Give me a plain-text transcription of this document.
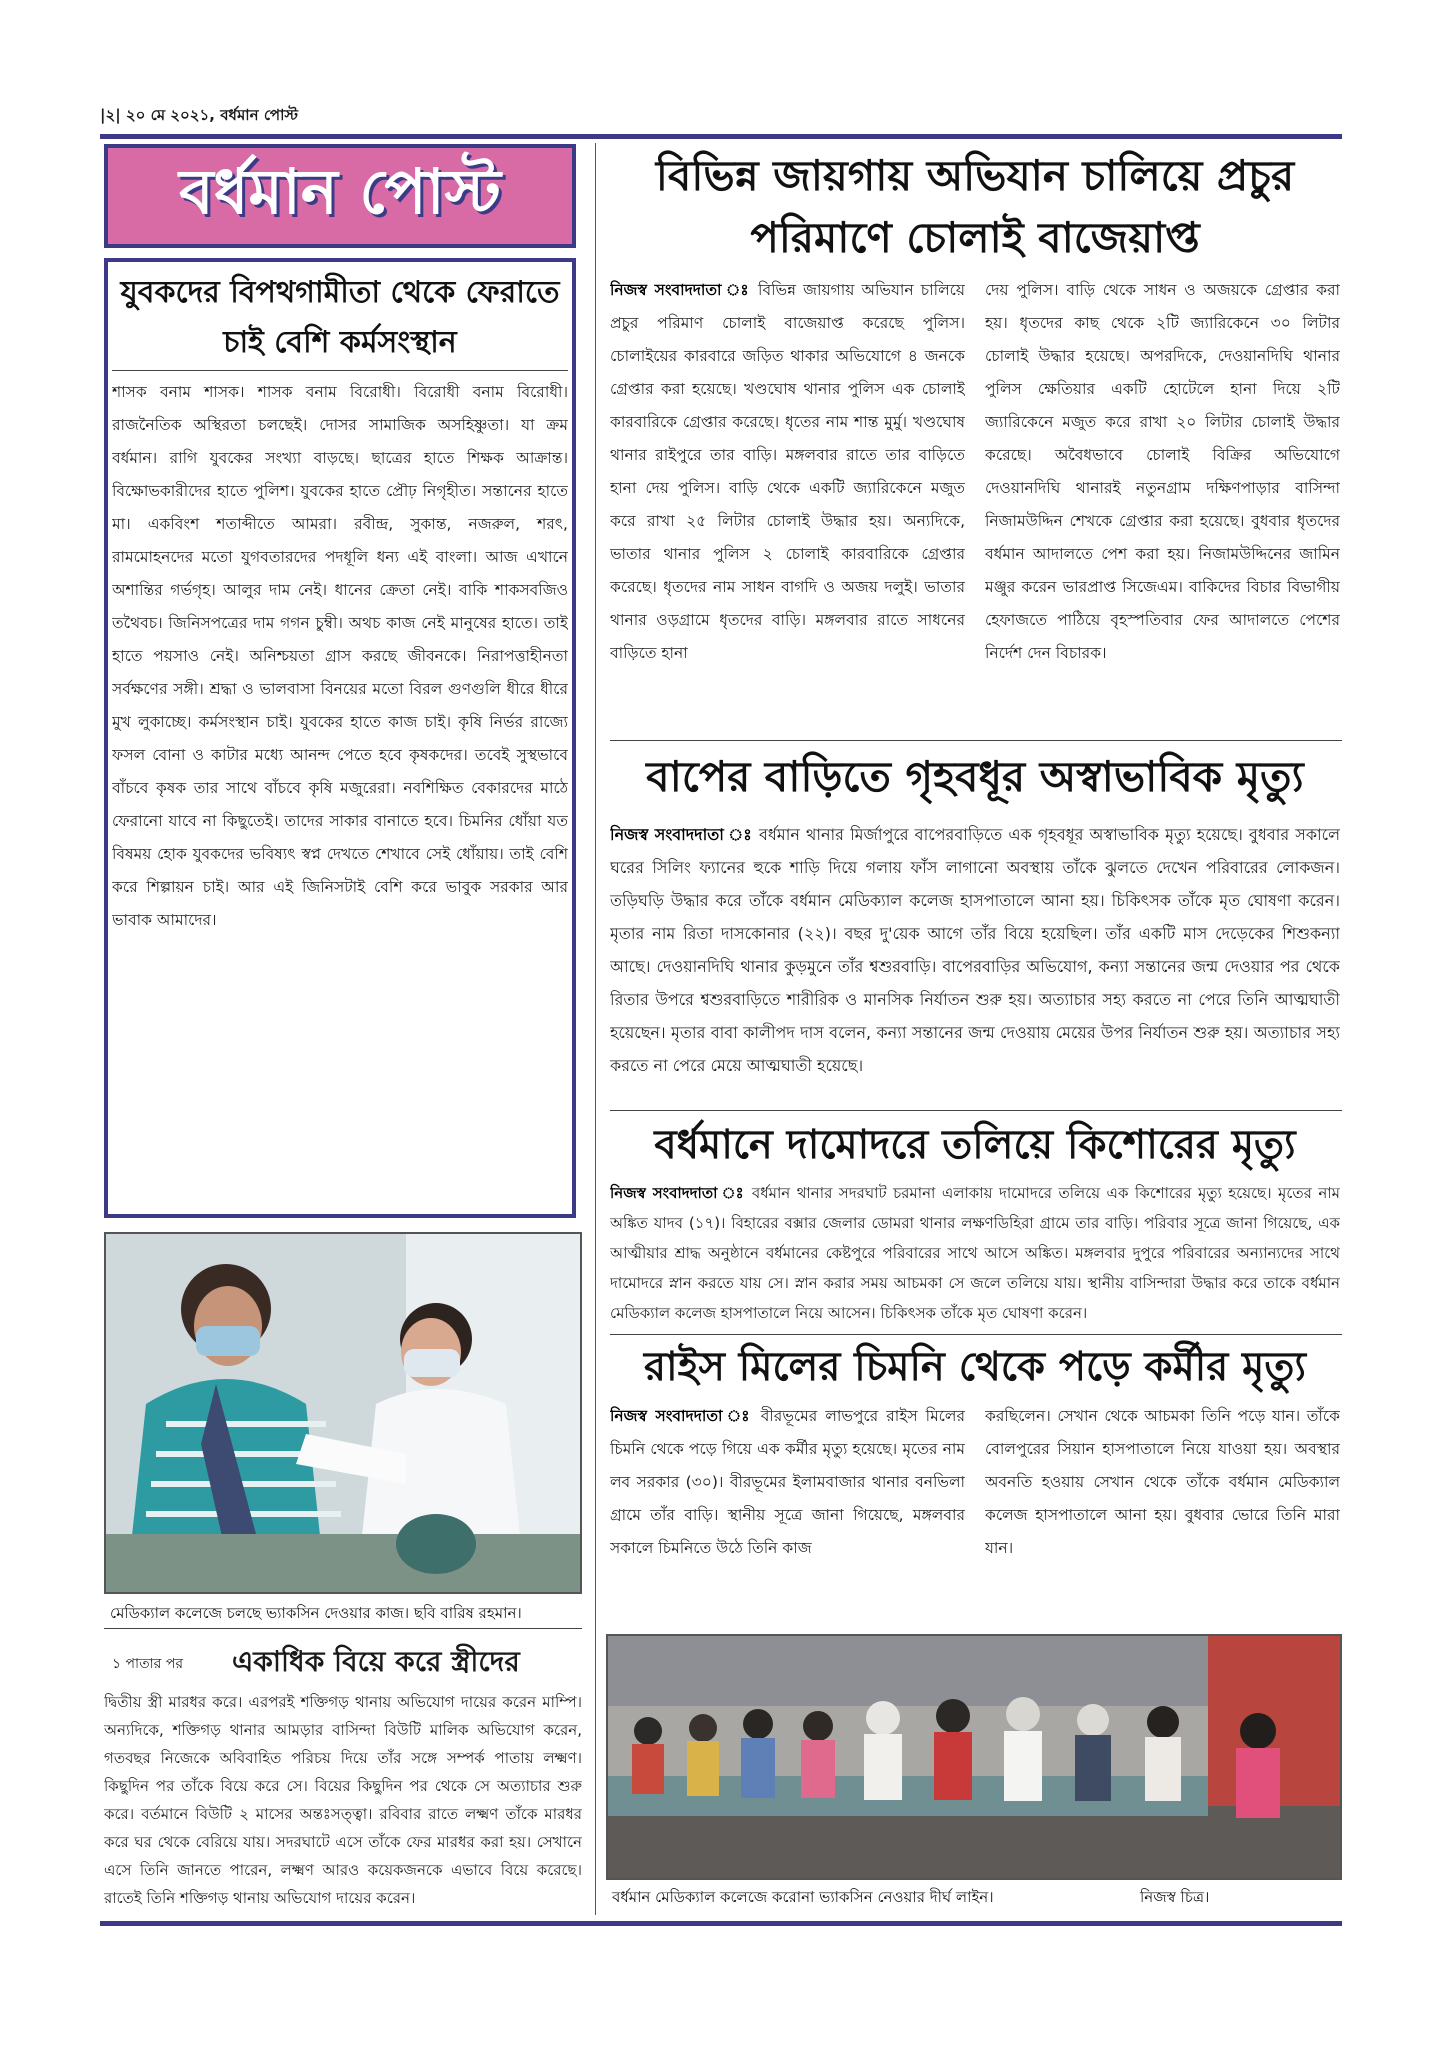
|২| ২০ মে ২০২১, বর্ধমান পোস্ট
বর্ধমান পোস্ট
যুবকদের বিপথগামীতা থেকে ফেরাতে চাই বেশি কর্মসংস্থান
শাসক বনাম শাসক। শাসক বনাম বিরোধী। বিরোধী বনাম বিরোধী। রাজনৈতিক অস্থিরতা চলছেই। দোসর সামাজিক অসহিষ্ণুতা। যা ক্রম বর্ধমান। রাগি যুবকের সংখ্যা বাড়ছে। ছাত্রের হাতে শিক্ষক আক্রান্ত। বিক্ষোভকারীদের হাতে পুলিশ। যুবকের হাতে প্রৌঢ় নিগৃহীত। সন্তানের হাতে মা। একবিংশ শতাব্দীতে আমরা। রবীন্দ্র, সুকান্ত, নজরুল, শরৎ, রামমোহনদের মতো যুগবতারদের পদধূলি ধন্য এই বাংলা। আজ এখানে অশান্তির গর্ভগৃহ। আলুর দাম নেই। ধানের ক্রেতা নেই। বাকি শাকসবজিও তথৈবচ। জিনিসপত্রের দাম গগন চুম্বী। অথচ কাজ নেই মানুষের হাতে। তাই হাতে পয়সাও নেই। অনিশ্চয়তা গ্রাস করছে জীবনকে। নিরাপত্তাহীনতা সর্বক্ষণের সঙ্গী। শ্রদ্ধা ও ভালবাসা বিনয়ের মতো বিরল গুণগুলি ধীরে ধীরে মুখ লুকাচ্ছে। কর্মসংস্থান চাই। যুবকের হাতে কাজ চাই। কৃষি নির্ভর রাজ্যে ফসল বোনা ও কাটার মধ্যে আনন্দ পেতে হবে কৃষকদের। তবেই সুস্থভাবে বাঁচবে কৃষক তার সাথে বাঁচবে কৃষি মজুরেরা। নবশিক্ষিত বেকারদের মাঠে ফেরানো যাবে না কিছুতেই। তাদের সাকার বানাতে হবে। চিমনির ধোঁয়া যত বিষময় হোক যুবকদের ভবিষ্যৎ স্বপ্ন দেখতে শেখাবে সেই ধোঁয়ায়। তাই বেশি করে শিল্পায়ন চাই। আর এই জিনিসটাই বেশি করে ভাবুক সরকার আর ভাবাক আমাদের।
বিভিন্ন জায়গায় অভিযান চালিয়ে প্রচুর পরিমাণে চোলাই বাজেয়াপ্ত
নিজস্ব সংবাদদাতা ঃ বিভিন্ন জায়গায় অভিযান চালিয়ে প্রচুর পরিমাণ চোলাই বাজেয়াপ্ত করেছে পুলিস। চোলাইয়ের কারবারে জড়িত থাকার অভিযোগে ৪ জনকে গ্রেপ্তার করা হয়েছে। খণ্ডঘোষ থানার পুলিস এক চোলাই কারবারিকে গ্রেপ্তার করেছে। ধৃতের নাম শান্ত মুর্মু। খণ্ডঘোষ থানার রাইপুরে তার বাড়ি। মঙ্গলবার রাতে তার বাড়িতে হানা দেয় পুলিস। বাড়ি থেকে একটি জ্যারিকেনে মজুত করে রাখা ২৫ লিটার চোলাই উদ্ধার হয়। অন্যদিকে, ভাতার থানার পুলিস ২ চোলাই কারবারিকে গ্রেপ্তার করেছে। ধৃতদের নাম সাধন বাগদি ও অজয় দলুই। ভাতার থানার ওড়গ্রামে ধৃতদের বাড়ি। মঙ্গলবার রাতে সাধনের বাড়িতে হানা
দেয় পুলিস। বাড়ি থেকে সাধন ও অজয়কে গ্রেপ্তার করা হয়। ধৃতদের কাছ থেকে ২টি জ্যারিকেনে ৩০ লিটার চোলাই উদ্ধার হয়েছে। অপরদিকে, দেওয়ানদিঘি থানার পুলিস ক্ষেতিয়ার একটি হোটেলে হানা দিয়ে ২টি জ্যারিকেনে মজুত করে রাখা ২০ লিটার চোলাই উদ্ধার করেছে। অবৈধভাবে চোলাই বিক্রির অভিযোগে দেওয়ানদিঘি থানারই নতুনগ্রাম দক্ষিণপাড়ার বাসিন্দা নিজামউদ্দিন শেখকে গ্রেপ্তার করা হয়েছে। বুধবার ধৃতদের বর্ধমান আদালতে পেশ করা হয়। নিজামউদ্দিনের জামিন মঞ্জুর করেন ভারপ্রাপ্ত সিজেএম। বাকিদের বিচার বিভাগীয় হেফাজতে পাঠিয়ে বৃহস্পতিবার ফের আদালতে পেশের নির্দেশ দেন বিচারক।
বাপের বাড়িতে গৃহবধূর অস্বাভাবিক মৃত্যু
নিজস্ব সংবাদদাতা ঃ বর্ধমান থানার মির্জাপুরে বাপেরবাড়িতে এক গৃহবধূর অস্বাভাবিক মৃত্যু হয়েছে। বুধবার সকালে ঘরের সিলিং ফ্যানের হুকে শাড়ি দিয়ে গলায় ফাঁস লাগানো অবস্থায় তাঁকে ঝুলতে দেখেন পরিবারের লোকজন। তড়িঘড়ি উদ্ধার করে তাঁকে বর্ধমান মেডিক্যাল কলেজ হাসপাতালে আনা হয়। চিকিৎসক তাঁকে মৃত ঘোষণা করেন। মৃতার নাম রিতা দাসকোনার (২২)। বছর দু'য়েক আগে তাঁর বিয়ে হয়েছিল। তাঁর একটি মাস দেড়েকের শিশুকন্যা আছে। দেওয়ানদিঘি থানার কুড়মুনে তাঁর শ্বশুরবাড়ি। বাপেরবাড়ির অভিযোগ, কন্যা সন্তানের জন্ম দেওয়ার পর থেকে রিতার উপরে শ্বশুরবাড়িতে শারীরিক ও মানসিক নির্যাতন শুরু হয়। অত্যাচার সহ্য করতে না পেরে তিনি আত্মঘাতী হয়েছেন। মৃতার বাবা কালীপদ দাস বলেন, কন্যা সন্তানের জন্ম দেওয়ায় মেয়ের উপর নির্যাতন শুরু হয়। অত্যাচার সহ্য করতে না পেরে মেয়ে আত্মঘাতী হয়েছে।
বর্ধমানে দামোদরে তলিয়ে কিশোরের মৃত্যু
নিজস্ব সংবাদদাতা ঃ বর্ধমান থানার সদরঘাট চরমানা এলাকায় দামোদরে তলিয়ে এক কিশোরের মৃত্যু হয়েছে। মৃতের নাম অঙ্কিত যাদব (১৭)। বিহারের বক্সার জেলার ডোমরা থানার লক্ষণডিহিরা গ্রামে তার বাড়ি। পরিবার সূত্রে জানা গিয়েছে, এক আত্মীয়ার শ্রাদ্ধ অনুষ্ঠানে বর্ধমানের কেষ্টপুরে পরিবারের সাথে আসে অঙ্কিত। মঙ্গলবার দুপুরে পরিবারের অন্যান্যদের সাথে দামোদরে স্নান করতে যায় সে। স্নান করার সময় আচমকা সে জলে তলিয়ে যায়। স্থানীয় বাসিন্দারা উদ্ধার করে তাকে বর্ধমান মেডিক্যাল কলেজ হাসপাতালে নিয়ে আসেন। চিকিৎসক তাঁকে মৃত ঘোষণা করেন।
রাইস মিলের চিমনি থেকে পড়ে কর্মীর মৃত্যু
নিজস্ব সংবাদদাতা ঃ বীরভূমের লাভপুরে রাইস মিলের চিমনি থেকে পড়ে গিয়ে এক কর্মীর মৃত্যু হয়েছে। মৃতের নাম লব সরকার (৩০)। বীরভূমের ইলামবাজার থানার বনভিলা গ্রামে তাঁর বাড়ি। স্থানীয় সূত্রে জানা গিয়েছে, মঙ্গলবার সকালে চিমনিতে উঠে তিনি কাজ
করছিলেন। সেখান থেকে আচমকা তিনি পড়ে যান। তাঁকে বোলপুরের সিয়ান হাসপাতালে নিয়ে যাওয়া হয়। অবস্থার অবনতি হওয়ায় সেখান থেকে তাঁকে বর্ধমান মেডিক্যাল কলেজ হাসপাতালে আনা হয়। বুধবার ভোরে তিনি মারা যান।
মেডিক্যাল কলেজে চলছে ভ্যাকসিন দেওয়ার কাজ। ছবি বারিষ রহমান।
১ পাতার পর একাধিক বিয়ে করে স্ত্রীদের
দ্বিতীয় স্ত্রী মারধর করে। এরপরই শক্তিগড় থানায় অভিযোগ দায়ের করেন মাম্পি। অন্যদিকে, শক্তিগড় থানার আমড়ার বাসিন্দা বিউটি মালিক অভিযোগ করেন, গতবছর নিজেকে অবিবাহিত পরিচয় দিয়ে তাঁর সঙ্গে সম্পর্ক পাতায় লক্ষ্মণ। কিছুদিন পর তাঁকে বিয়ে করে সে। বিয়ের কিছুদিন পর থেকে সে অত্যাচার শুরু করে। বর্তমানে বিউটি ২ মাসের অন্তঃসত্ত্বা। রবিবার রাতে লক্ষ্মণ তাঁকে মারধর করে ঘর থেকে বেরিয়ে যায়। সদরঘাটে এসে তাঁকে ফের মারধর করা হয়। সেখানে এসে তিনি জানতে পারেন, লক্ষ্মণ আরও কয়েকজনকে এভাবে বিয়ে করেছে। রাতেই তিনি শক্তিগড় থানায় অভিযোগ দায়ের করেন।	বর্ধমান মেডিক্যাল কলেজে করোনা ভ্যাকসিন নেওয়ার দীর্ঘ লাইন।	নিজস্ব চিত্র।
